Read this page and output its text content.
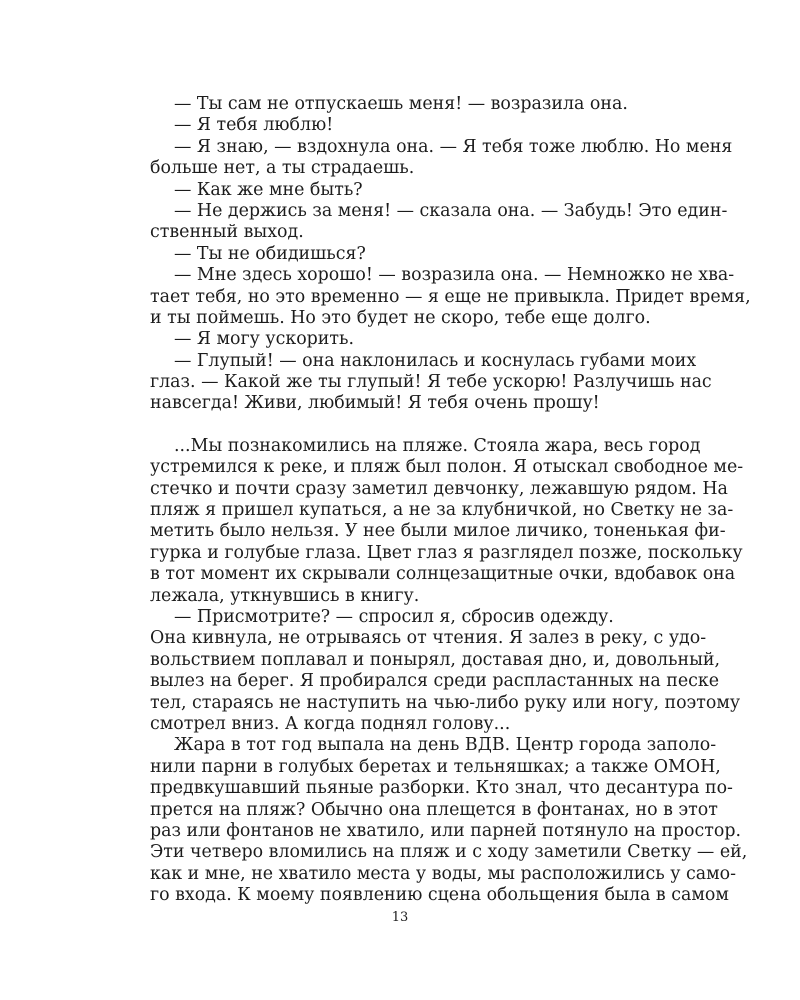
— Ты сам не отпускаешь меня! — возразила она.
— Я тебя люблю!
— Я знаю, — вздохнула она. — Я тебя тоже люблю. Но меня
больше нет, а ты страдаешь.
— Как же мне быть?
— Не держись за меня! — сказала она. — Забудь! Это един-
ственный выход.
— Ты не обидишься?
— Мне здесь хорошо! — возразила она. — Немножко не хва-
тает тебя, но это временно — я еще не привыкла. Придет время,
и ты поймешь. Но это будет не скоро, тебе еще долго.
— Я могу ускорить.
— Глупый! — она наклонилась и коснулась губами моих
глаз. — Какой же ты глупый! Я тебе ускорю! Разлучишь нас
навсегда! Живи, любимый! Я тебя очень прошу!
...Мы познакомились на пляже. Стояла жара, весь город
устремился к реке, и пляж был полон. Я отыскал свободное ме-
стечко и почти сразу заметил девчонку, лежавшую рядом. На
пляж я пришел купаться, а не за клубничкой, но Светку не за-
метить было нельзя. У нее были милое личико, тоненькая фи-
гурка и голубые глаза. Цвет глаз я разглядел позже, поскольку
в тот момент их скрывали солнцезащитные очки, вдобавок она
лежала, уткнувшись в книгу.
— Присмотрите? — спросил я, сбросив одежду.
Она кивнула, не отрываясь от чтения. Я залез в реку, с удо-
вольствием поплавал и понырял, доставая дно, и, довольный,
вылез на берег. Я пробирался среди распластанных на песке
тел, стараясь не наступить на чью-либо руку или ногу, поэтому
смотрел вниз. А когда поднял голову...
Жара в тот год выпала на день ВДВ. Центр города заполо-
нили парни в голубых беретах и тельняшках; а также ОМОН,
предвкушавший пьяные разборки. Кто знал, что десантура по-
прется на пляж? Обычно она плещется в фонтанах, но в этот
раз или фонтанов не хватило, или парней потянуло на простор.
Эти четверо вломились на пляж и с ходу заметили Светку — ей,
как и мне, не хватило места у воды, мы расположились у само-
го входа. К моему появлению сцена обольщения была в самом
13
